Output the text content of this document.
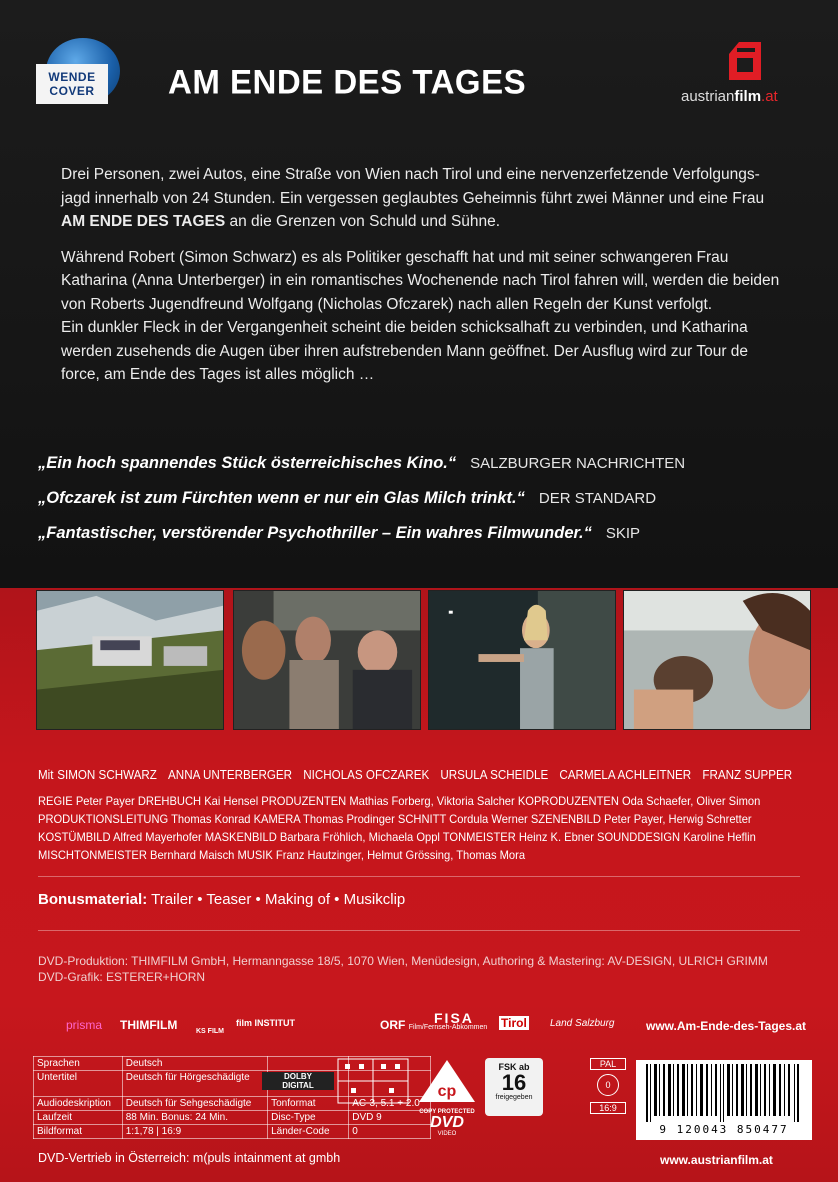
WENDE
COVER	AM ENDE DES TAGES	austrianfilm.at

Drei Personen, zwei Autos, eine Straße von Wien nach Tirol und eine nervenzerfetzende Verfolgungs-jagd innerhalb von 24 Stunden. Ein vergessen geglaubtes Geheimnis führt zwei Männer und eine Frau AM ENDE DES TAGES an die Grenzen von Schuld und Sühne.

Während Robert (Simon Schwarz) es als Politiker geschafft hat und mit seiner schwangeren Frau Katharina (Anna Unterberger) in ein romantisches Wochenende nach Tirol fahren will, werden die beiden von Roberts Jugendfreund Wolfgang (Nicholas Ofczarek) nach allen Regeln der Kunst verfolgt.

Ein dunkler Fleck in der Vergangenheit scheint die beiden schicksalhaft zu verbinden, und Katharina werden zusehends die Augen über ihren aufstrebenden Mann geöffnet. Der Ausflug wird zur Tour de force, am Ende des Tages ist alles möglich …

„Ein hoch spannendes Stück österreichisches Kino.“ SALZBURGER NACHRICHTEN
„Ofczarek ist zum Fürchten wenn er nur ein Glas Milch trinkt.“ DER STANDARD
„Fantastischer, verstörender Psychothriller – Ein wahres Filmwunder.“ SKIP
Mit SIMON SCHWARZ ANNA UNTERBERGER NICHOLAS OFCZAREK URSULA SCHEIDLE CARMELA ACHLEITNER FRANZ SUPPER
REGIE Peter Payer DREHBUCH Kai Hensel PRODUZENTEN Mathias Forberg, Viktoria Salcher KOPRODUZENTEN Oda Schaefer, Oliver Simon
PRODUKTIONSLEITUNG Thomas Konrad KAMERA Thomas Prodinger SCHNITT Cordula Werner SZENENBILD Peter Payer, Herwig Schretter
KOSTÜMBILD Alfred Mayerhofer MASKENBILD Barbara Fröhlich, Michaela Oppl TONMEISTER Heinz K. Ebner SOUNDDESIGN Karoline Heflin
MISCHTONMEISTER Bernhard Maisch MUSIK Franz Hautzinger, Helmut Grössing, Thomas Mora
Bonusmaterial: Trailer • Teaser • Making of • Musikclip
DVD-Produktion: THIMFILM GmbH, Hermanngasse 18/5, 1070 Wien, Menüdesign, Authoring & Mastering: AV-DESIGN, ULRICH GRIMM
DVD-Grafik: ESTERER+HORN
prisma THIMFILM	KS FILM
film INSTITUT	ORF Film/Fernseh-Abkommen
FISA Tirol Land Salzburg	www.Am-Ende-des-Tages.at
Sprachen	Deutsch		
Untertitel	Deutsch für Hörgeschädigte		
Audiodeskription	Deutsch für Sehgeschädigte	Tonformat	AC-3, 5.1 + 2.0
Laufzeit	88 Min. Bonus: 24 Min.	Disc-Type	DVD 9
Bildformat	1:1,78 | 16:9	Länder-Code	0
DOLBY
DIGITAL	cp
COPY PROTECTED
DVD
VIDEO
FSK ab
16
freigegeben
PAL
0
16:9
9 120043 850477
DVD-Vertrieb in Österreich: m(puls intainment at gmbh	www.austrianfilm.at
